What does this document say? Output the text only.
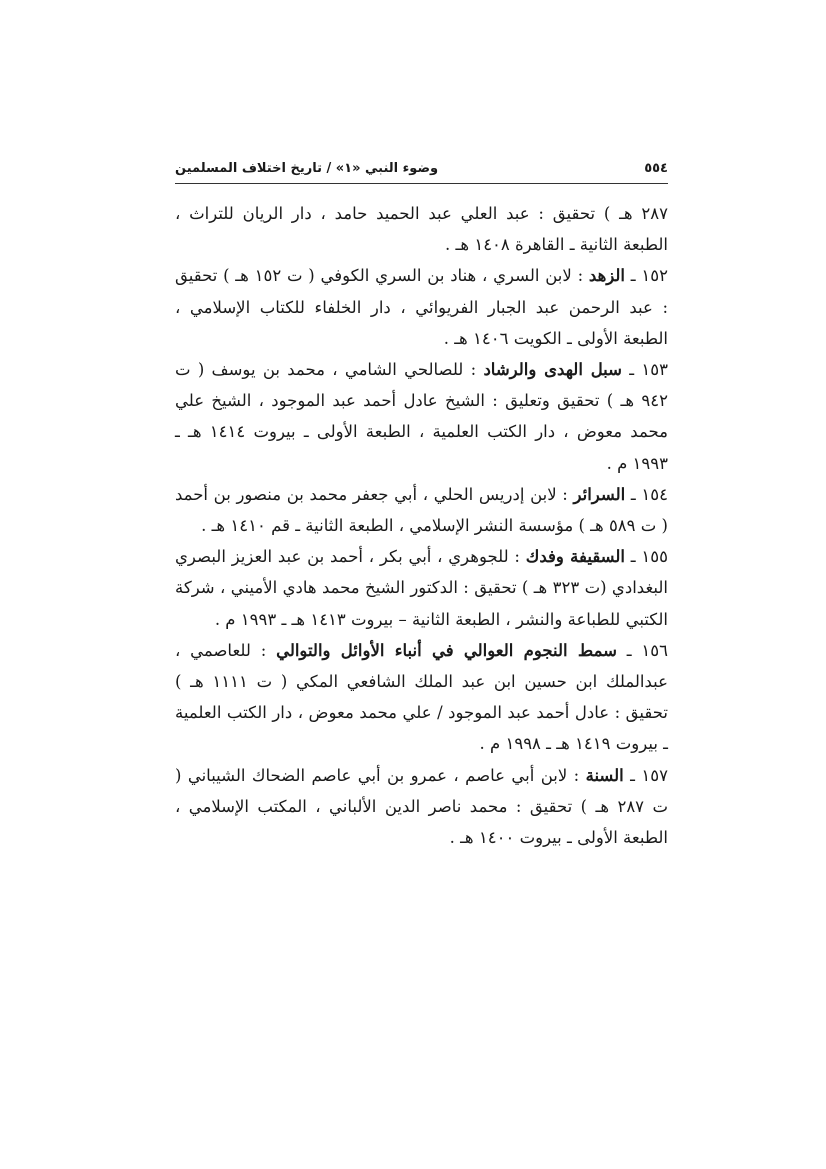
٥٥٤
وضوء النبي «١» / تاريخ اختلاف المسلمين

٢٨٧ هـ ) تحقيق : عبد العلي عبد الحميد حامد ، دار الريان للتراث ، الطبعة الثانية ـ القاهرة ١٤٠٨ هـ .

١٥٢ ـ الزهد : لابن السري ، هناد بن السري الكوفي ( ت ١٥٢ هـ ) تحقيق : عبد الرحمن عبد الجبار الفريوائي ، دار الخلفاء للكتاب الإسلامي ، الطبعة الأولى ـ الكويت ١٤٠٦ هـ .

١٥٣ ـ سبل الهدى والرشاد : للصالحي الشامي ، محمد بن يوسف ( ت ٩٤٢ هـ ) تحقيق وتعليق : الشيخ عادل أحمد عبد الموجود ، الشيخ علي محمد معوض ، دار الكتب العلمية ، الطبعة الأولى ـ بيروت ١٤١٤ هـ ـ ١٩٩٣ م .

١٥٤ ـ السرائر : لابن إدريس الحلي ، أبي جعفر محمد بن منصور بن أحمد ( ت ٥٨٩ هـ ) مؤسسة النشر الإسلامي ، الطبعة الثانية ـ قم ١٤١٠ هـ .

١٥٥ ـ السقيفة وفدك : للجوهري ، أبي بكر ، أحمد بن عبد العزيز البصري البغدادي (ت ٣٢٣ هـ ) تحقيق : الدكتور الشيخ محمد هادي الأميني ، شركة الكتبي للطباعة والنشر ، الطبعة الثانية – بيروت ١٤١٣ هـ ـ ١٩٩٣ م .

١٥٦ ـ سمط النجوم العوالي في أنباء الأوائل والتوالي : للعاصمي ، عبدالملك ابن حسين ابن عبد الملك الشافعي المكي ( ت ١١١١ هـ ) تحقيق : عادل أحمد عبد الموجود / علي محمد معوض ، دار الكتب العلمية ـ بيروت ١٤١٩ هـ ـ ١٩٩٨ م .

١٥٧ ـ السنة : لابن أبي عاصم ، عمرو بن أبي عاصم الضحاك الشيباني ( ت ٢٨٧ هـ ) تحقيق : محمد ناصر الدين الألباني ، المكتب الإسلامي ، الطبعة الأولى ـ بيروت ١٤٠٠ هـ .
